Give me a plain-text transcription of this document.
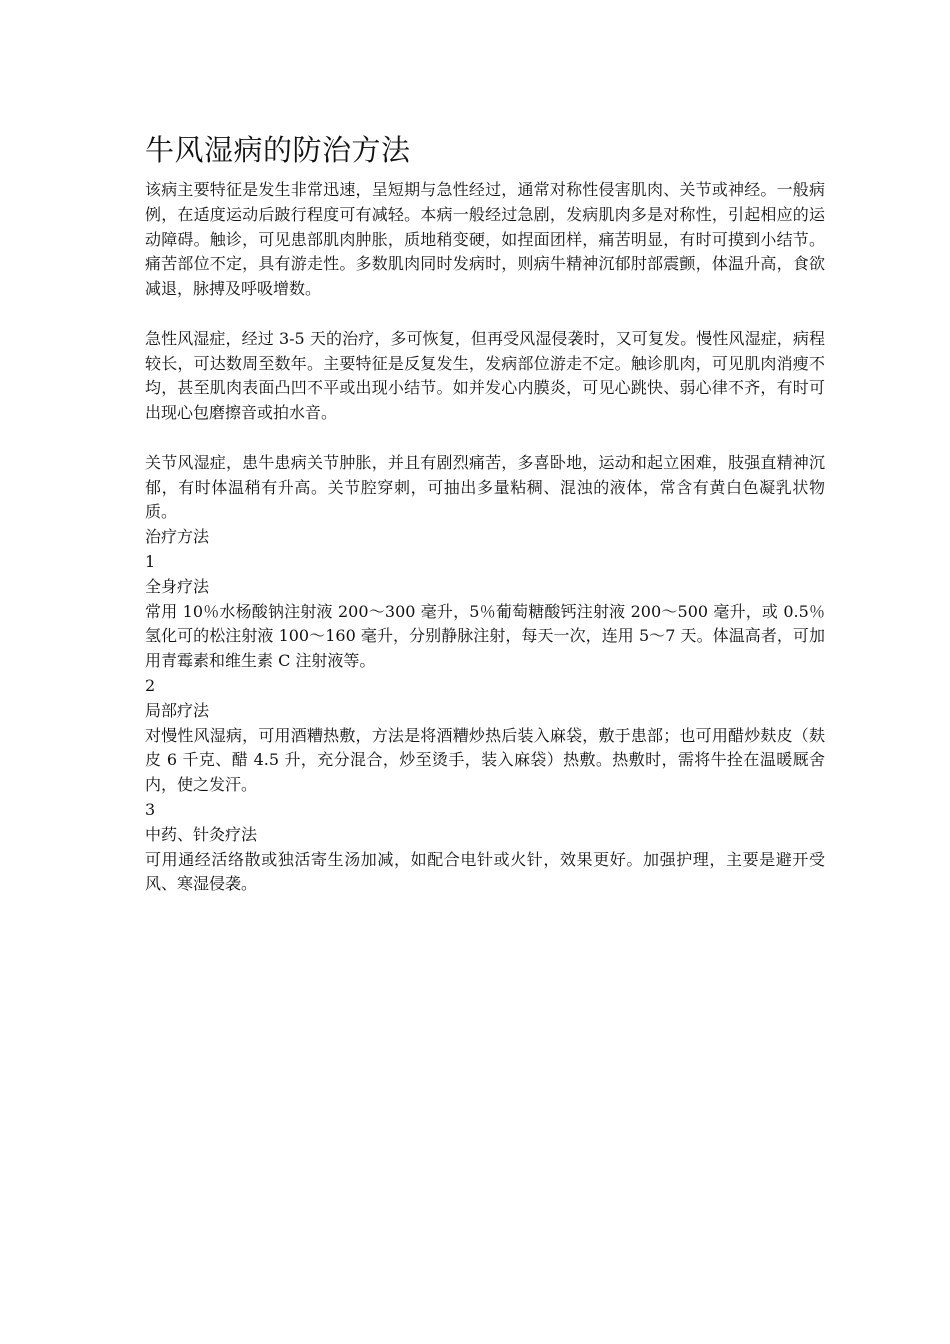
牛风湿病的防治方法

该病主要特征是发生非常迅速，呈短期与急性经过，通常对称性侵害肌肉、关节或神经。一般病例，在适度运动后跛行程度可有减轻。本病一般经过急剧，发病肌肉多是对称性，引起相应的运动障碍。触诊，可见患部肌肉肿胀，质地稍变硬，如捏面团样，痛苦明显，有时可摸到小结节。痛苦部位不定，具有游走性。多数肌肉同时发病时，则病牛精神沉郁肘部震颤，体温升高，食欲减退，脉搏及呼吸增数。

急性风湿症，经过 3-5 天的治疗，多可恢复，但再受风湿侵袭时，又可复发。慢性风湿症，病程较长，可达数周至数年。主要特征是反复发生，发病部位游走不定。触诊肌肉，可见肌肉消瘦不均，甚至肌肉表面凸凹不平或出现小结节。如并发心内膜炎，可见心跳快、弱心律不齐，有时可出现心包磨擦音或拍水音。

关节风湿症，患牛患病关节肿胀，并且有剧烈痛苦，多喜卧地，运动和起立困难，肢强直精神沉郁，有时体温稍有升高。关节腔穿刺，可抽出多量粘稠、混浊的液体，常含有黄白色凝乳状物质。

治疗方法

1

全身疗法

常用 10％水杨酸钠注射液 200～300 毫升，5％葡萄糖酸钙注射液 200～500 毫升，或 0.5％氢化可的松注射液 100～160 毫升，分别静脉注射，每天一次，连用 5～7 天。体温高者，可加用青霉素和维生素 C 注射液等。

2

局部疗法

对慢性风湿病，可用酒糟热敷，方法是将酒糟炒热后装入麻袋，敷于患部；也可用醋炒麸皮（麸皮 6 千克、醋 4.5 升，充分混合，炒至烫手，装入麻袋）热敷。热敷时，需将牛拴在温暖厩舍内，使之发汗。

3

中药、针灸疗法

可用通经活络散或独活寄生汤加减，如配合电针或火针，效果更好。加强护理，主要是避开受风、寒湿侵袭。
